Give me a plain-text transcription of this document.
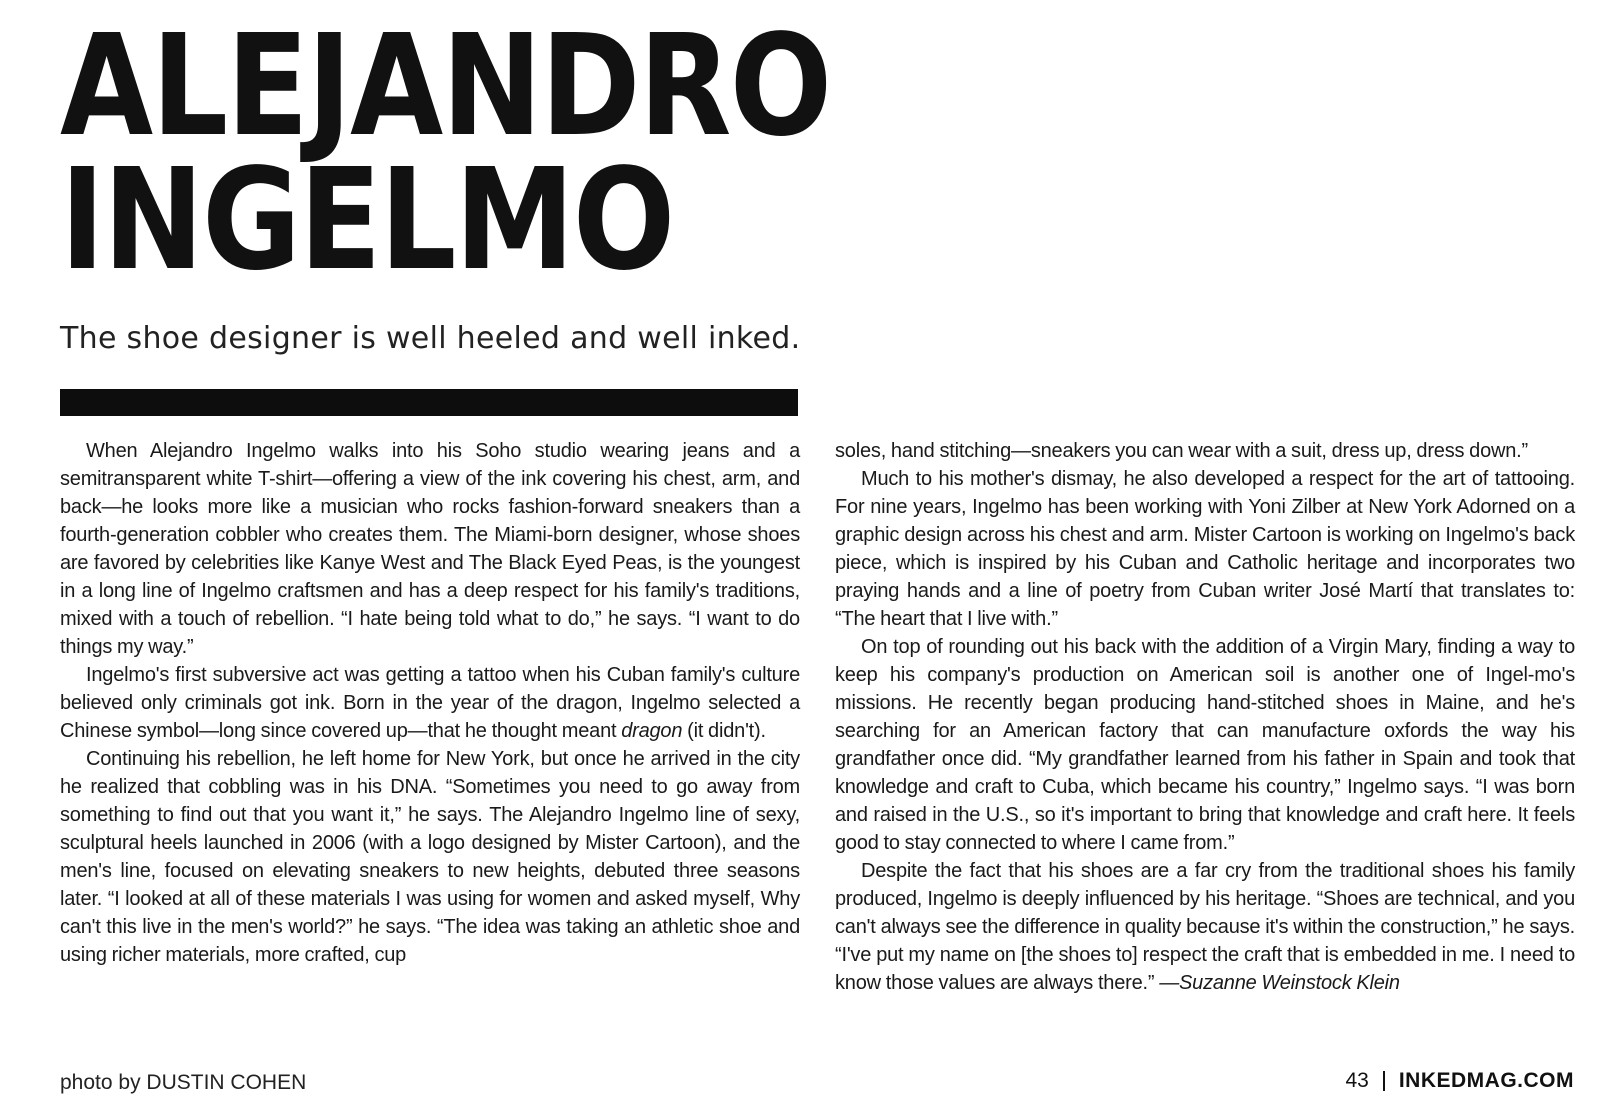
ALEJANDRO
INGELMO

The shoe designer is well heeled and well inked.

When Alejandro Ingelmo walks into his Soho studio wearing jeans and a semitransparent white T-shirt—offering a view of the ink covering his chest, arm, and back—he looks more like a musician who rocks fashion-forward sneakers than a fourth-generation cobbler who creates them. The Miami-born designer, whose shoes are favored by celebrities like Kanye West and The Black Eyed Peas, is the youngest in a long line of Ingelmo craftsmen and has a deep respect for his family's traditions, mixed with a touch of rebellion. “I hate being told what to do,” he says. “I want to do things my way.”

Ingelmo's first subversive act was getting a tattoo when his Cuban family's culture believed only criminals got ink. Born in the year of the dragon, Ingelmo selected a Chinese symbol—long since covered up—that he thought meant dragon (it didn't).

Continuing his rebellion, he left home for New York, but once he arrived in the city he realized that cobbling was in his DNA. “Sometimes you need to go away from something to find out that you want it,” he says. The Alejandro Ingelmo line of sexy, sculptural heels launched in 2006 (with a logo designed by Mister Cartoon), and the men's line, focused on elevating sneakers to new heights, debuted three seasons later. “I looked at all of these materials I was using for women and asked myself, Why can't this live in the men's world?” he says. “The idea was taking an athletic shoe and using richer materials, more crafted, cup

soles, hand stitching—sneakers you can wear with a suit, dress up, dress down.”

Much to his mother's dismay, he also developed a respect for the art of tattooing. For nine years, Ingelmo has been working with Yoni Zilber at New York Adorned on a graphic design across his chest and arm. Mister Cartoon is working on Ingelmo's back piece, which is inspired by his Cuban and Catholic heritage and incorporates two praying hands and a line of poetry from Cuban writer José Martí that translates to: “The heart that I live with.”

On top of rounding out his back with the addition of a Virgin Mary, finding a way to keep his company's production on American soil is another one of Ingel-mo's missions. He recently began producing hand-stitched shoes in Maine, and he's searching for an American factory that can manufacture oxfords the way his grandfather once did. “My grandfather learned from his father in Spain and took that knowledge and craft to Cuba, which became his country,” Ingelmo says. “I was born and raised in the U.S., so it's important to bring that knowledge and craft here. It feels good to stay connected to where I came from.”

Despite the fact that his shoes are a far cry from the traditional shoes his family produced, Ingelmo is deeply influenced by his heritage. “Shoes are technical, and you can't always see the difference in quality because it's within the construction,” he says. “I've put my name on [the shoes to] respect the craft that is embedded in me. I need to know those values are always there.” —Suzanne Weinstock Klein

photo by DUSTIN COHEN	43 INKEDMAG.COM
